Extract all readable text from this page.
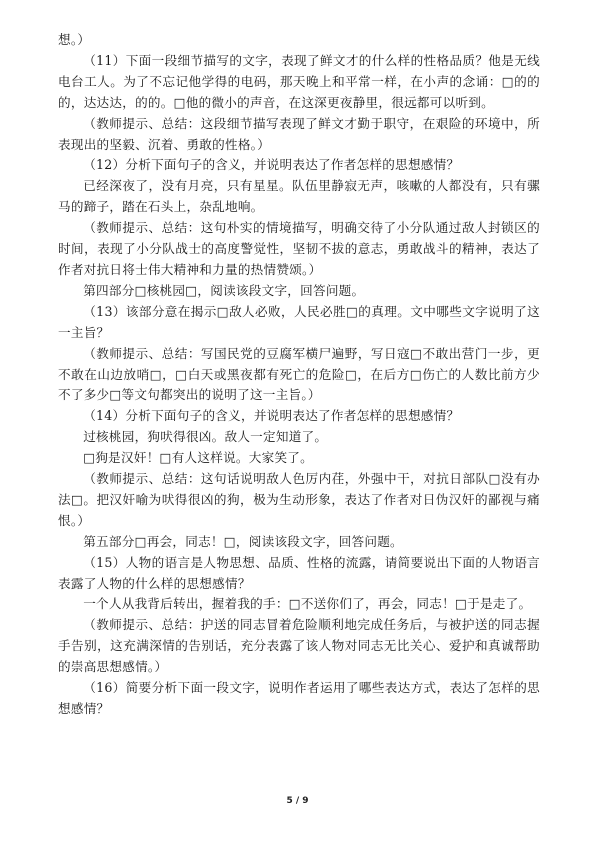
想。）

（11）下面一段细节描写的文字，表现了鲜文才的什么样的性格品质？他是无线电台工人。为了不忘记他学得的电码，那天晚上和平常一样，在小声的念诵：□的的的，达达达，的的。□他的微小的声音，在这深更夜静里，很远都可以听到。

（教师提示、总结：这段细节描写表现了鲜文才勤于职守，在艰险的环境中，所表现出的坚毅、沉着、勇敢的性格。）

（12）分析下面句子的含义，并说明表达了作者怎样的思想感情？

已经深夜了，没有月亮，只有星星。队伍里静寂无声，咳嗽的人都没有，只有骡马的蹄子，踏在石头上，杂乱地响。

（教师提示、总结：这句朴实的情境描写，明确交待了小分队通过敌人封锁区的时间，表现了小分队战士的高度警觉性，坚韧不拔的意志，勇敢战斗的精神，表达了作者对抗日将士伟大精神和力量的热情赞颂。）

第四部分□核桃园□，阅读该段文字，回答问题。

（13）该部分意在揭示□敌人必败，人民必胜□的真理。文中哪些文字说明了这一主旨？

（教师提示、总结：写国民党的豆腐军横尸遍野，写日寇□不敢出营门一步，更不敢在山边放哨□，□白天或黑夜都有死亡的危险□，在后方□伤亡的人数比前方少不了多少□等文句都突出的说明了这一主旨。）

（14）分析下面句子的含义，并说明表达了作者怎样的思想感情？

过核桃园，狗吠得很凶。敌人一定知道了。

□狗是汉奸！□有人这样说。大家笑了。

（教师提示、总结：这句话说明敌人色厉内荏，外强中干，对抗日部队□没有办法□。把汉奸喻为吠得很凶的狗，极为生动形象，表达了作者对日伪汉奸的鄙视与痛恨。）

第五部分□再会，同志！□，阅读该段文字，回答问题。

（15）人物的语言是人物思想、品质、性格的流露，请简要说出下面的人物语言表露了人物的什么样的思想感情？

一个人从我背后转出，握着我的手：□不送你们了，再会，同志！□于是走了。

（教师提示、总结：护送的同志冒着危险顺利地完成任务后，与被护送的同志握手告别，这充满深情的告别话，充分表露了该人物对同志无比关心、爱护和真诚帮助的崇高思想感情。）

（16）简要分析下面一段文字，说明作者运用了哪些表达方式，表达了怎样的思想感情？

5 / 9
